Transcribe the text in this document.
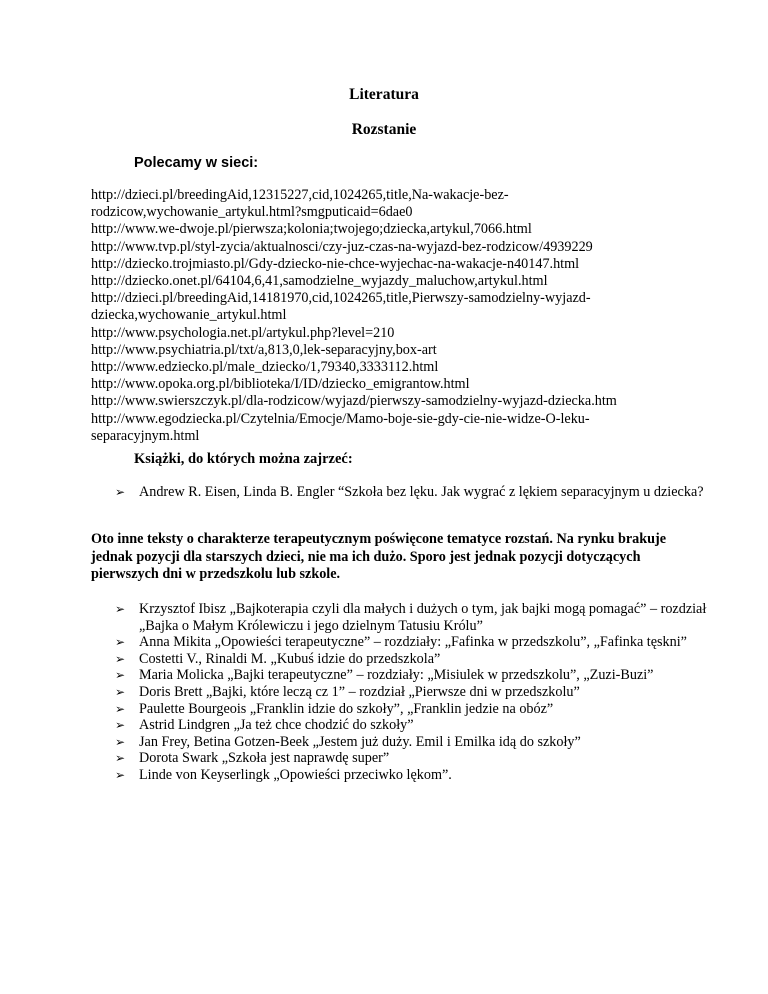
Literatura
Rozstanie
Polecamy w sieci:
http://dzieci.pl/breedingAid,12315227,cid,1024265,title,Na-wakacje-bez-
rodzicow,wychowanie_artykul.html?smgputicaid=6dae0
http://www.we-dwoje.pl/pierwsza;kolonia;twojego;dziecka,artykul,7066.html
http://www.tvp.pl/styl-zycia/aktualnosci/czy-juz-czas-na-wyjazd-bez-rodzicow/4939229
http://dziecko.trojmiasto.pl/Gdy-dziecko-nie-chce-wyjechac-na-wakacje-n40147.html
http://dziecko.onet.pl/64104,6,41,samodzielne_wyjazdy_maluchow,artykul.html
http://dzieci.pl/breedingAid,14181970,cid,1024265,title,Pierwszy-samodzielny-wyjazd-
dziecka,wychowanie_artykul.html
http://www.psychologia.net.pl/artykul.php?level=210
http://www.psychiatria.pl/txt/a,813,0,lek-separacyjny,box-art
http://www.edziecko.pl/male_dziecko/1,79340,3333112.html
http://www.opoka.org.pl/biblioteka/I/ID/dziecko_emigrantow.html
http://www.swierszczyk.pl/dla-rodzicow/wyjazd/pierwszy-samodzielny-wyjazd-dziecka.htm
http://www.egodziecka.pl/Czytelnia/Emocje/Mamo-boje-sie-gdy-cie-nie-widze-O-leku-
separacyjnym.html
Książki, do których można zajrzeć:
➢ Andrew R. Eisen, Linda B. Engler “Szkoła bez lęku. Jak wygrać z lękiem separacyjnym u dziecka?
Oto inne teksty o charakterze terapeutycznym poświęcone tematyce rozstań. Na rynku brakuje jednak pozycji dla starszych dzieci, nie ma ich dużo. Sporo jest jednak pozycji dotyczących pierwszych dni w przedszkolu lub szkole.
➢ Krzysztof Ibisz „Bajkoterapia czyli dla małych i dużych o tym, jak bajki mogą pomagać” – rozdział „Bajka o Małym Królewiczu i jego dzielnym Tatusiu Królu”
➢ Anna Mikita „Opowieści terapeutyczne” – rozdziały: „Fafinka w przedszkolu”, „Fafinka tęskni”
➢ Costetti V., Rinaldi M. „Kubuś idzie do przedszkola”
➢ Maria Molicka „Bajki terapeutyczne” – rozdziały: „Misiulek w przedszkolu”, „Zuzi-Buzi”
➢ Doris Brett „Bajki, które leczą cz 1” – rozdział „Pierwsze dni w przedszkolu”
➢ Paulette Bourgeois „Franklin idzie do szkoły”, „Franklin jedzie na obóz”
➢ Astrid Lindgren „Ja też chce chodzić do szkoły”
➢ Jan Frey, Betina Gotzen-Beek „Jestem już duży. Emil i Emilka idą do szkoły”
➢ Dorota Swark „Szkoła jest naprawdę super”
➢ Linde von Keyserlingk „Opowieści przeciwko lękom”.
